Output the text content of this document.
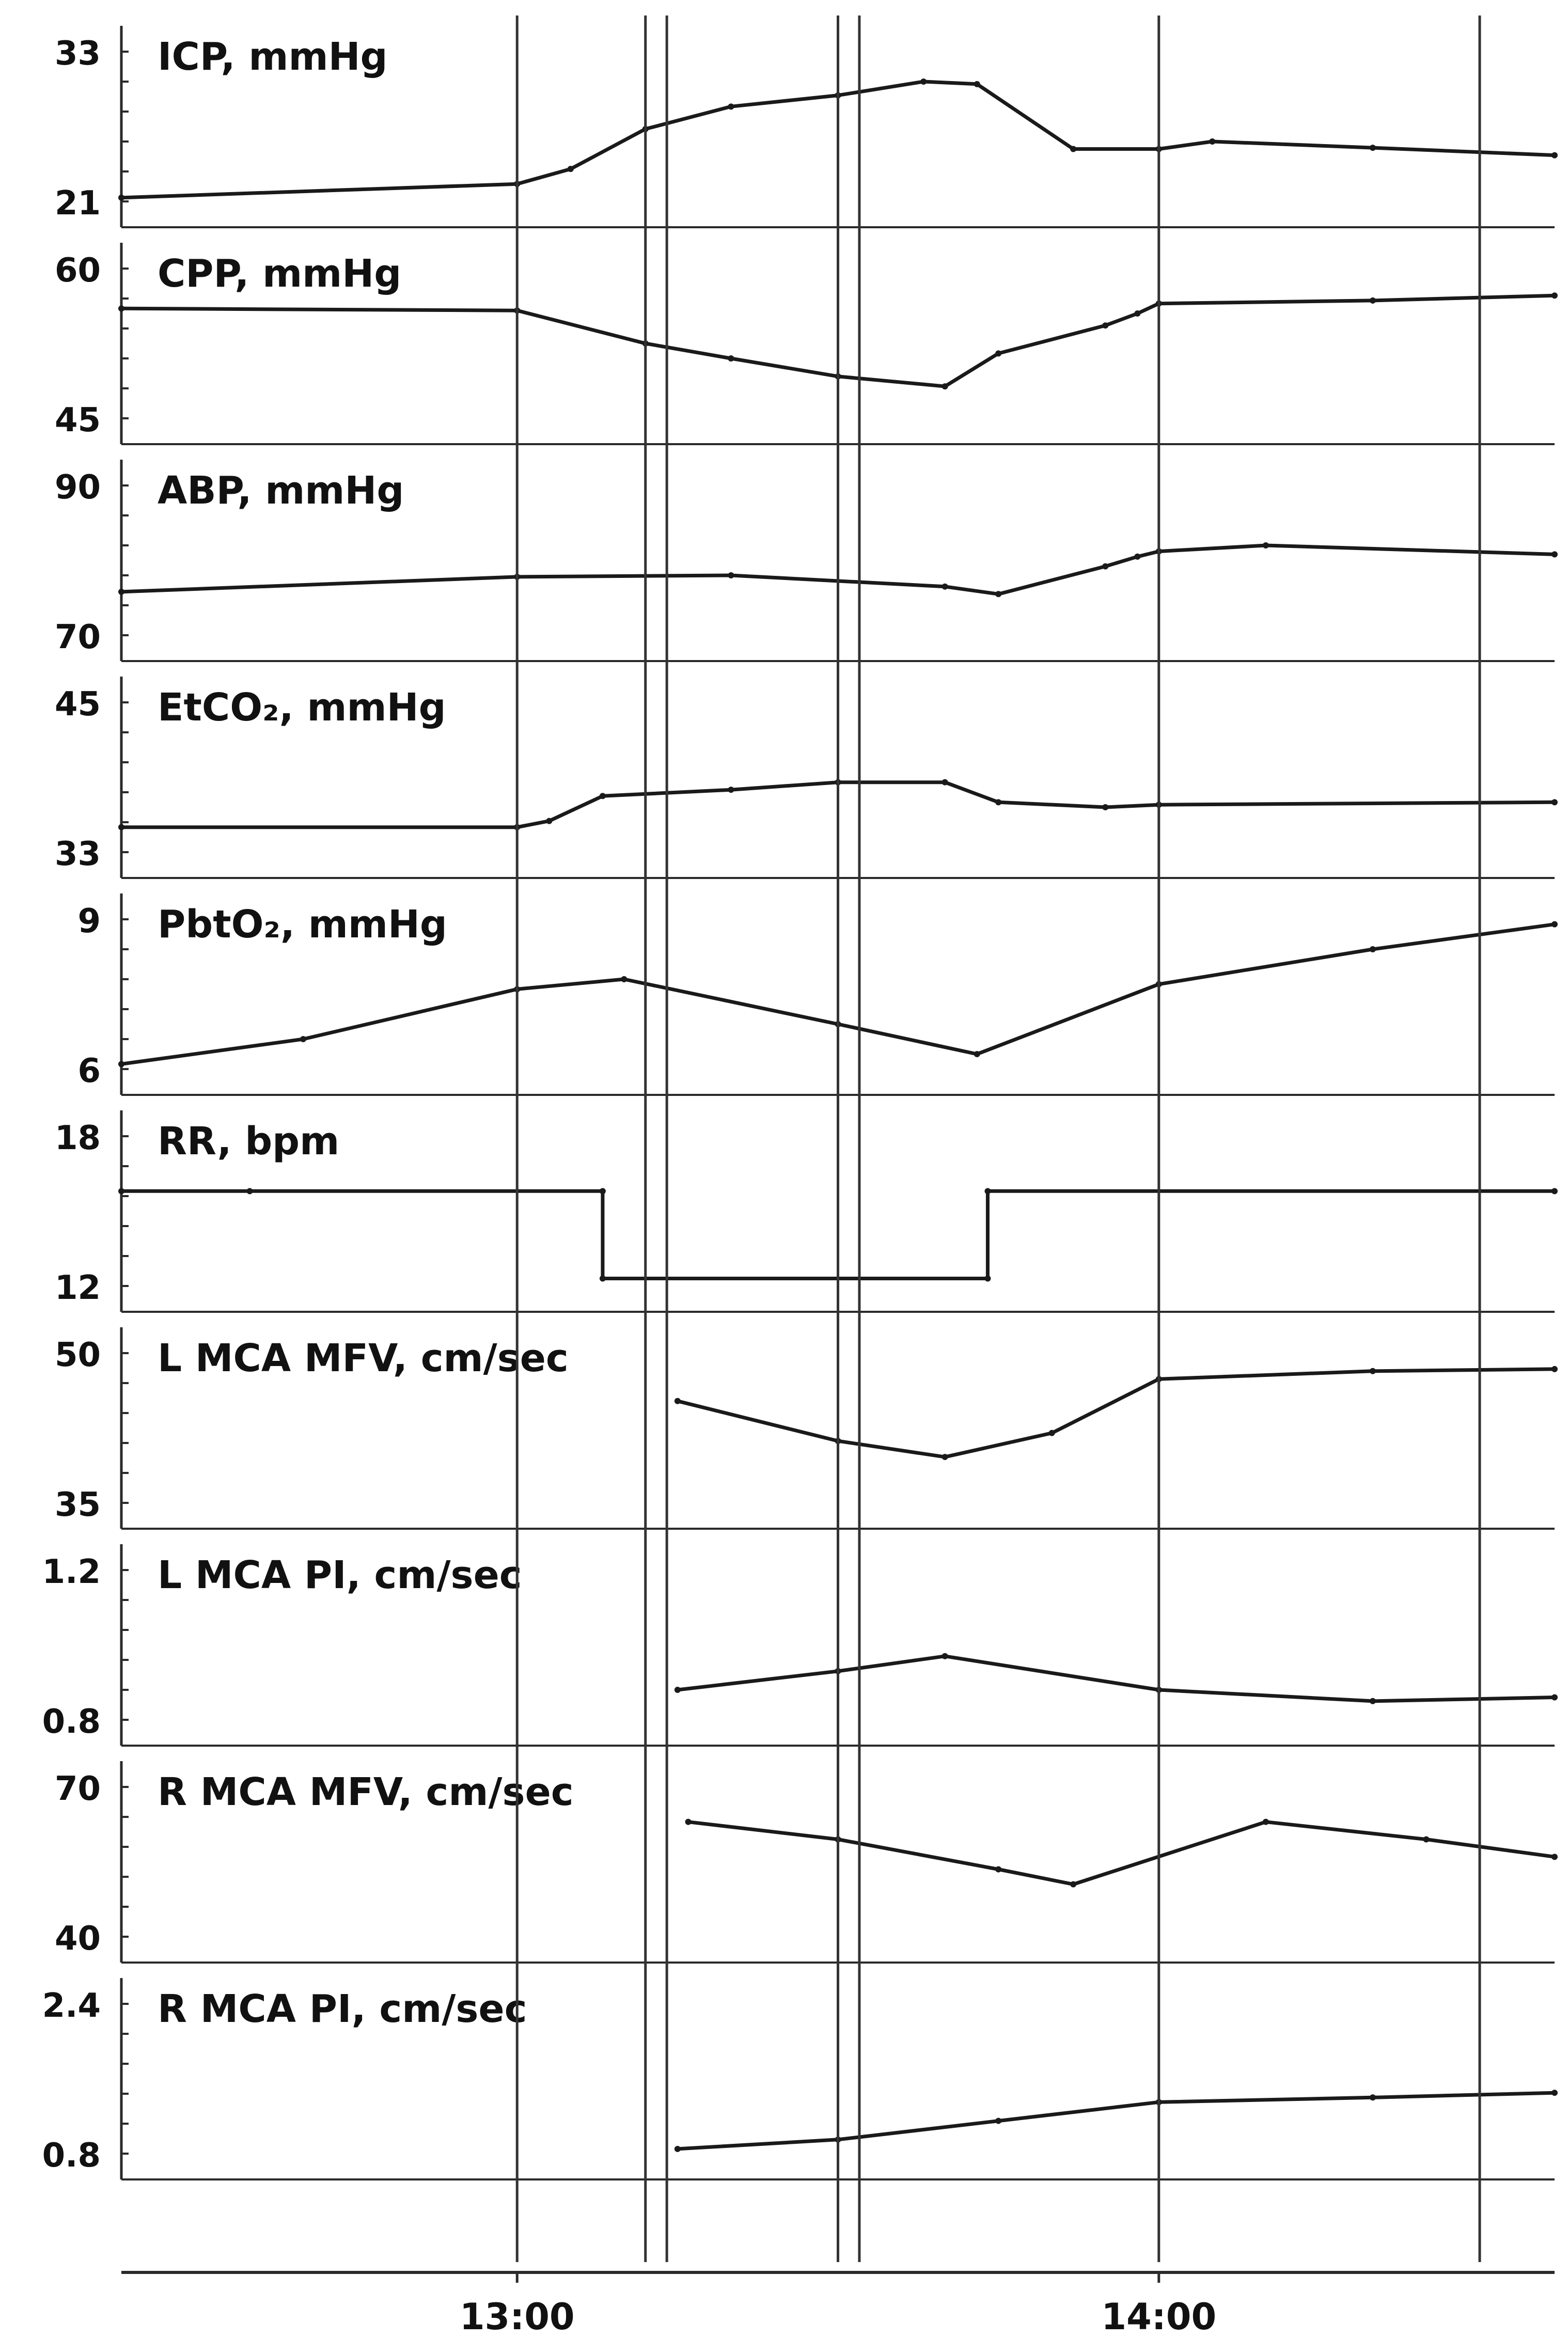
33
21
ICP, mmHg
60
45
CPP, mmHg
90
70
ABP, mmHg
45
33
EtCO₂, mmHg
9
6
PbtO₂, mmHg
18
12
RR, bpm
50
35
L MCA MFV, cm/sec
1.2
0.8
L MCA PI, cm/sec
70
40
R MCA MFV, cm/sec
2.4
0.8
R MCA PI, cm/sec
13:00	14:00
